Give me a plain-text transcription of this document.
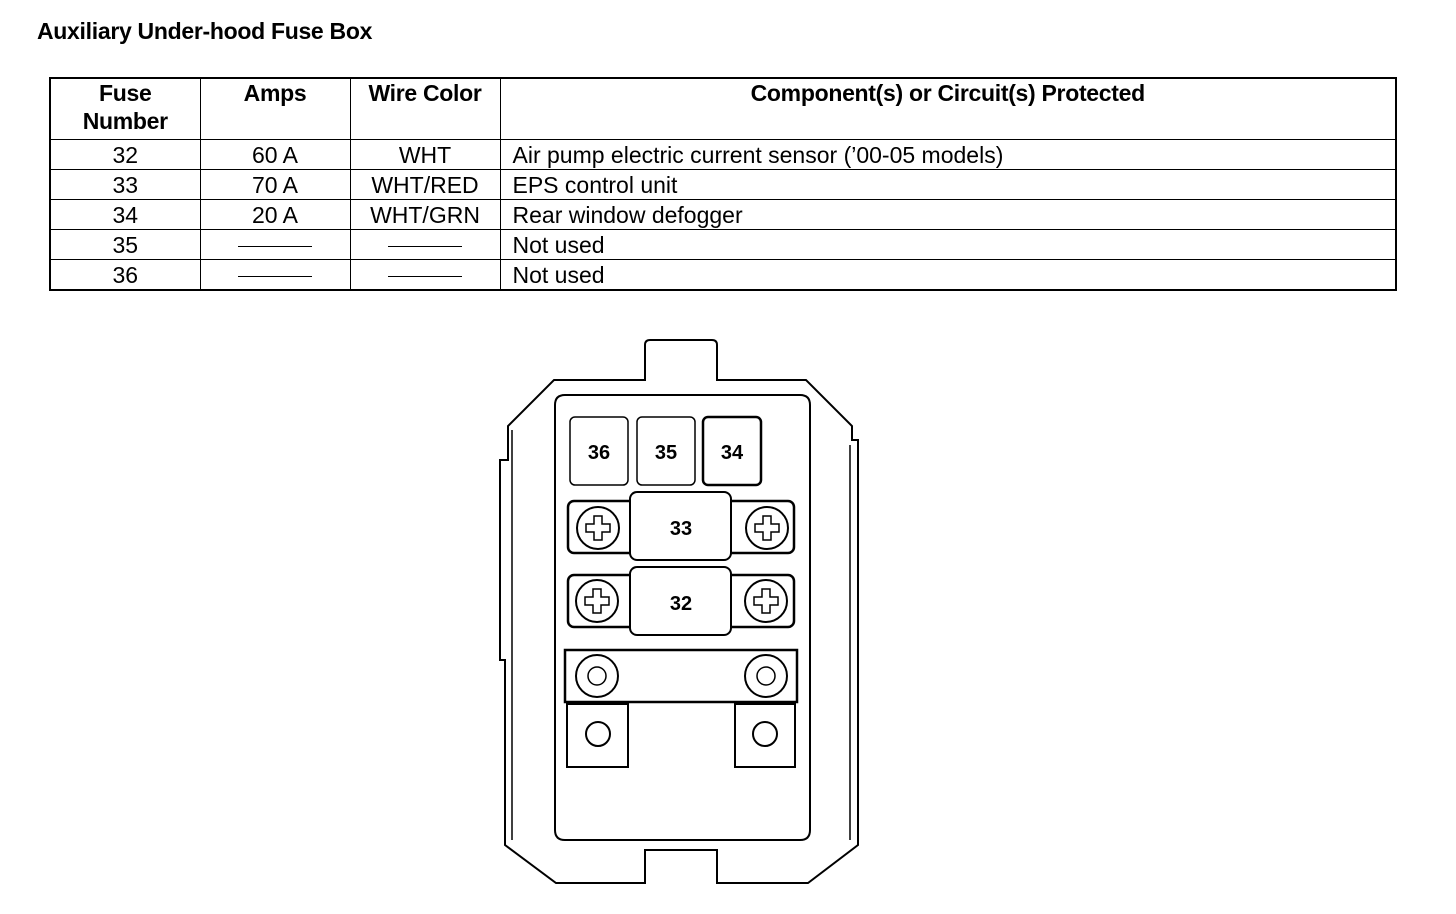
Auxiliary Under-hood Fuse Box
Fuse
Number	Amps	Wire Color	Component(s) or Circuit(s) Protected
32	60 A	WHT	Air pump electric current sensor (’00-05 models)
33	70 A	WHT/RED	EPS control unit
34	20 A	WHT/GRN	Rear window defogger
35			Not used
36			Not used
36 35 34
33
32
